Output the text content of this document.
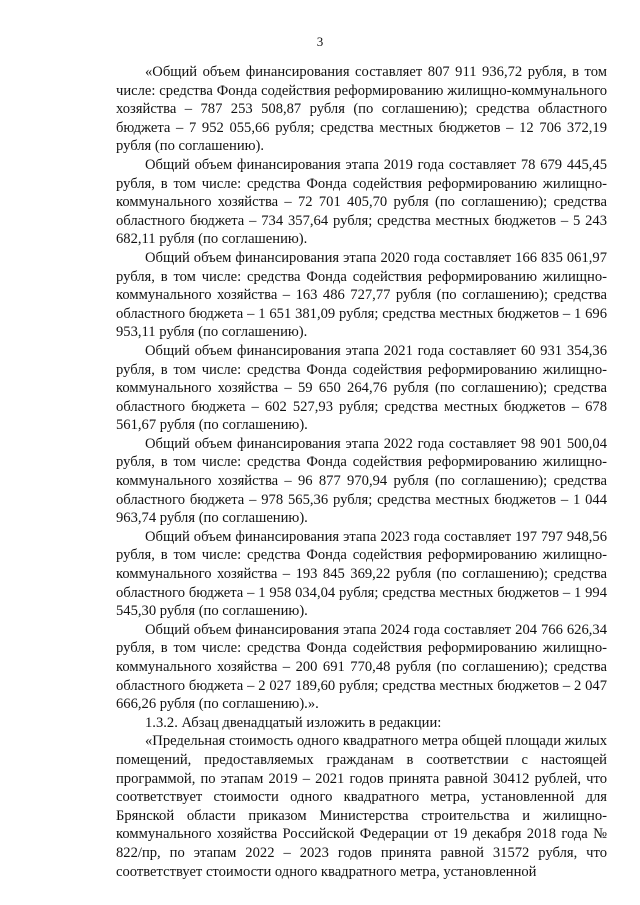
3

«Общий объем финансирования составляет 807 911 936,72 рубля, в том числе: средства Фонда содействия реформированию жилищно-коммунального хозяйства – 787 253 508,87 рубля (по соглашению); средства областного бюджета – 7 952 055,66 рубля; средства местных бюджетов – 12 706 372,19 рубля (по соглашению).

Общий объем финансирования этапа 2019 года составляет 78 679 445,45 рубля, в том числе: средства Фонда содействия реформированию жилищно-коммунального хозяйства – 72 701 405,70 рубля (по соглашению); средства областного бюджета – 734 357,64 рубля; средства местных бюджетов – 5 243 682,11 рубля (по соглашению).

Общий объем финансирования этапа 2020 года составляет 166 835 061,97 рубля, в том числе: средства Фонда содействия реформированию жилищно-коммунального хозяйства – 163 486 727,77 рубля (по соглашению); средства областного бюджета – 1 651 381,09 рубля; средства местных бюджетов – 1 696 953,11 рубля (по соглашению).

Общий объем финансирования этапа 2021 года составляет 60 931 354,36 рубля, в том числе: средства Фонда содействия реформированию жилищно-коммунального хозяйства – 59 650 264,76 рубля (по соглашению); средства областного бюджета – 602 527,93 рубля; средства местных бюджетов – 678 561,67 рубля (по соглашению).

Общий объем финансирования этапа 2022 года составляет 98 901 500,04 рубля, в том числе: средства Фонда содействия реформированию жилищно-коммунального хозяйства – 96 877 970,94 рубля (по соглашению); средства областного бюджета – 978 565,36 рубля; средства местных бюджетов – 1 044 963,74 рубля (по соглашению).

Общий объем финансирования этапа 2023 года составляет 197 797 948,56 рубля, в том числе: средства Фонда содействия реформированию жилищно-коммунального хозяйства – 193 845 369,22 рубля (по соглашению); средства областного бюджета – 1 958 034,04 рубля; средства местных бюджетов – 1 994 545,30 рубля (по соглашению).

Общий объем финансирования этапа 2024 года составляет 204 766 626,34 рубля, в том числе: средства Фонда содействия реформированию жилищно-коммунального хозяйства – 200 691 770,48 рубля (по соглашению); средства областного бюджета – 2 027 189,60 рубля; средства местных бюджетов – 2 047 666,26 рубля (по соглашению).».

1.3.2. Абзац двенадцатый изложить в редакции:

«Предельная стоимость одного квадратного метра общей площади жилых помещений, предоставляемых гражданам в соответствии с настоящей программой, по этапам 2019 – 2021 годов принята равной 30412 рублей, что соответствует стоимости одного квадратного метра, установленной для Брянской области приказом Министерства строительства и жилищно-коммунального хозяйства Российской Федерации от 19 декабря 2018 года № 822/пр, по этапам 2022 – 2023 годов принята равной 31572 рубля, что соответствует стоимости одного квадратного метра, установленной
